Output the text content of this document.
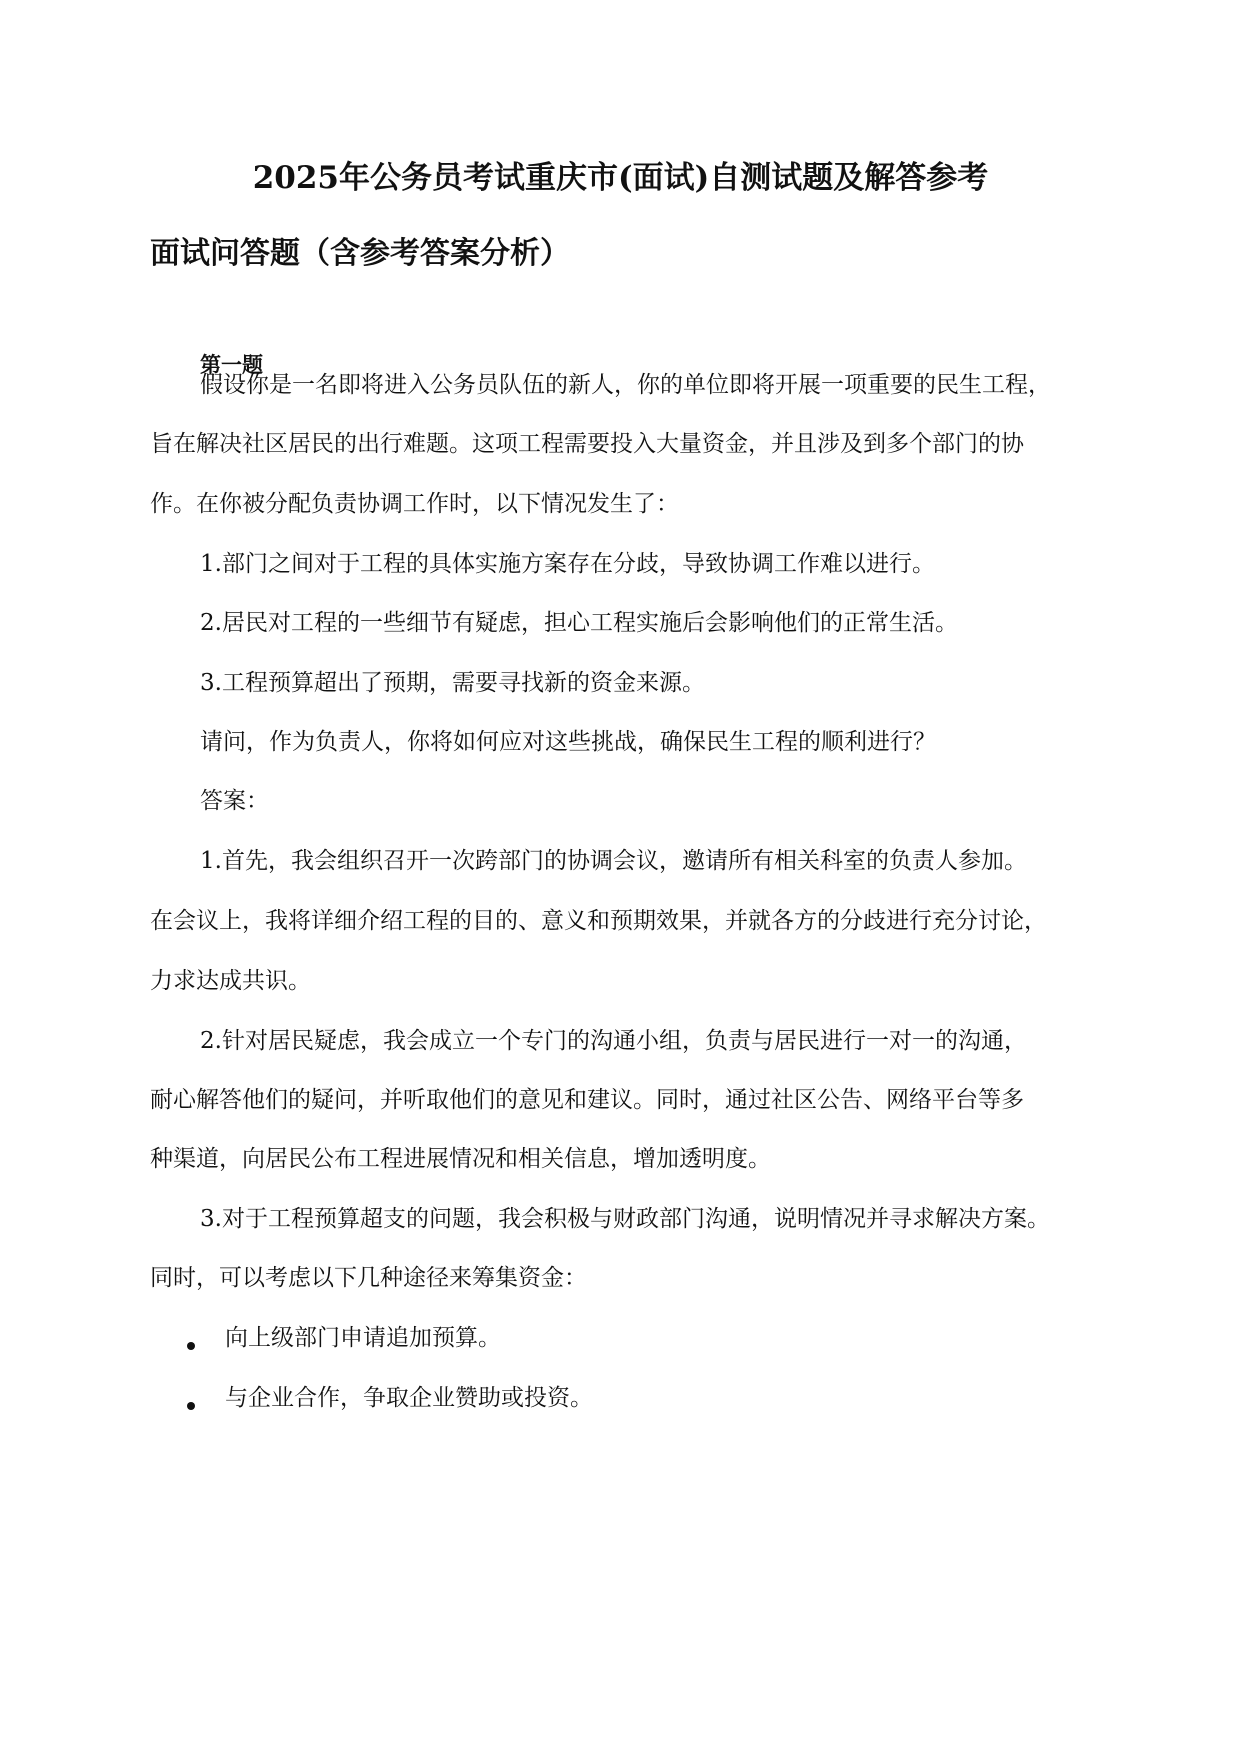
2025年公务员考试重庆市(面试)自测试题及解答参考
面试问答题（含参考答案分析）
第一题
假设你是一名即将进入公务员队伍的新人，你的单位即将开展一项重要的民生工程，
旨在解决社区居民的出行难题。这项工程需要投入大量资金，并且涉及到多个部门的协
作。在你被分配负责协调工作时，以下情况发生了：
1.部门之间对于工程的具体实施方案存在分歧，导致协调工作难以进行。
2.居民对工程的一些细节有疑虑，担心工程实施后会影响他们的正常生活。
3.工程预算超出了预期，需要寻找新的资金来源。
请问，作为负责人，你将如何应对这些挑战，确保民生工程的顺利进行？
答案：
1.首先，我会组织召开一次跨部门的协调会议，邀请所有相关科室的负责人参加。
在会议上，我将详细介绍工程的目的、意义和预期效果，并就各方的分歧进行充分讨论，
力求达成共识。
2.针对居民疑虑，我会成立一个专门的沟通小组，负责与居民进行一对一的沟通，
耐心解答他们的疑问，并听取他们的意见和建议。同时，通过社区公告、网络平台等多
种渠道，向居民公布工程进展情况和相关信息，增加透明度。
3.对于工程预算超支的问题，我会积极与财政部门沟通，说明情况并寻求解决方案。
同时，可以考虑以下几种途径来筹集资金：
向上级部门申请追加预算。
与企业合作，争取企业赞助或投资。
